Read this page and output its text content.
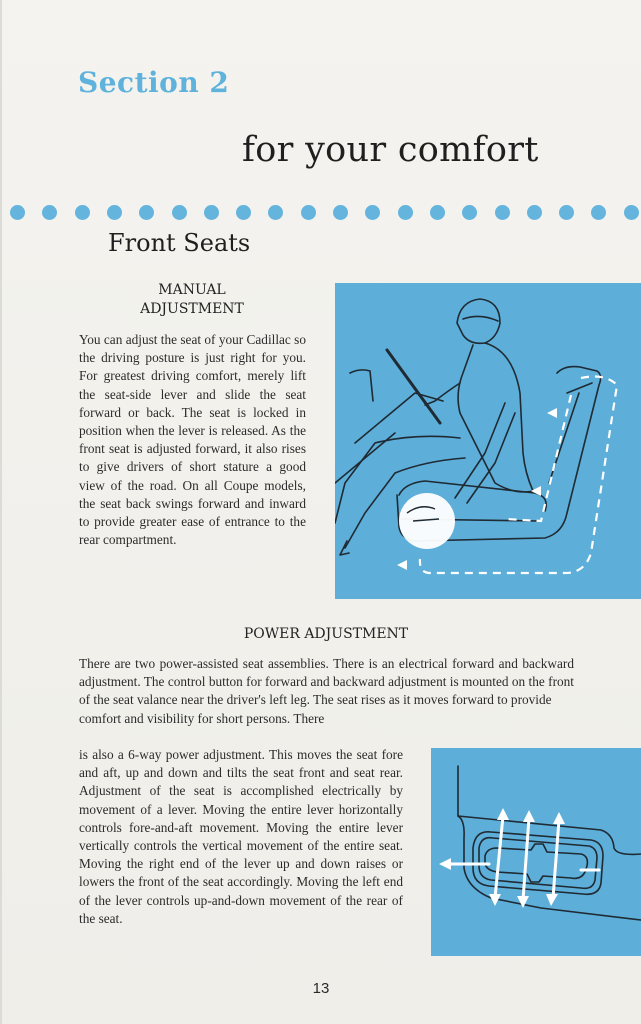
Section 2
for your comfort
Front Seats
MANUAL
ADJUSTMENT

You can adjust the seat of your Cadillac so the driving posture is just right for you. For greatest driving comfort, merely lift the seat-side lever and slide the seat forward or back. The seat is locked in position when the lever is released. As the front seat is adjusted forward, it also rises to give drivers of short stature a good view of the road. On all Coupe models, the seat back swings forward and inward to provide greater ease of entrance to the rear compartment.

POWER ADJUSTMENT

There are two power-assisted seat assemblies. There is an electrical forward and backward adjustment. The control button for forward and backward adjustment is mounted on the front of the seat valance near the driver's left leg. The seat rises as it moves forward to provide

comfort and visibility for short persons. There

is also a 6-way power adjustment. This moves the seat fore and aft, up and down and tilts the seat front and seat rear. Adjustment of the seat is accomplished electrically by movement of a lever. Moving the entire lever horizontally controls fore-and-aft movement. Moving the entire lever vertically controls the vertical movement of the entire seat. Moving the right end of the lever up and down raises or lowers the front of the seat accordingly. Moving the left end of the lever controls up-and-down movement of the rear of the seat.

13
